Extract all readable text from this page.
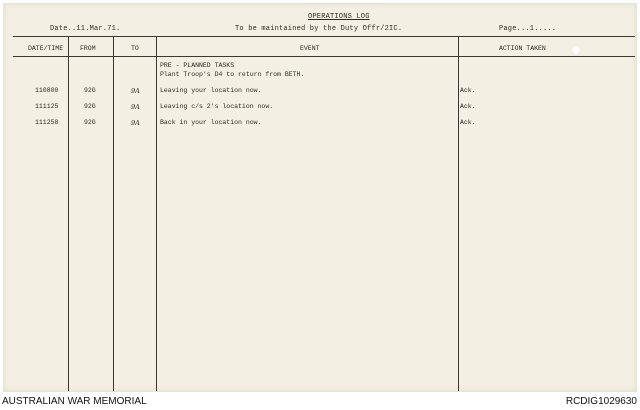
OPERATIONS LOG
Date..11.Mar.71.	To be maintained by the Duty Offr/2IC.	Page...1.....
DATE/TIME	FROM	TO	EVENT	ACTION TAKEN
PRE - PLANNED TASKS
Plant Troop's D4 to return from BETH.
110800	92G	9A	Leaving your location now.	Ack.
111125	92G	9A	Leaving c/s 2's location now.	Ack.
111258	92G	9A	Back in your location now.	Ack.
AUSTRALIAN WAR MEMORIAL	RCDIG1029630
